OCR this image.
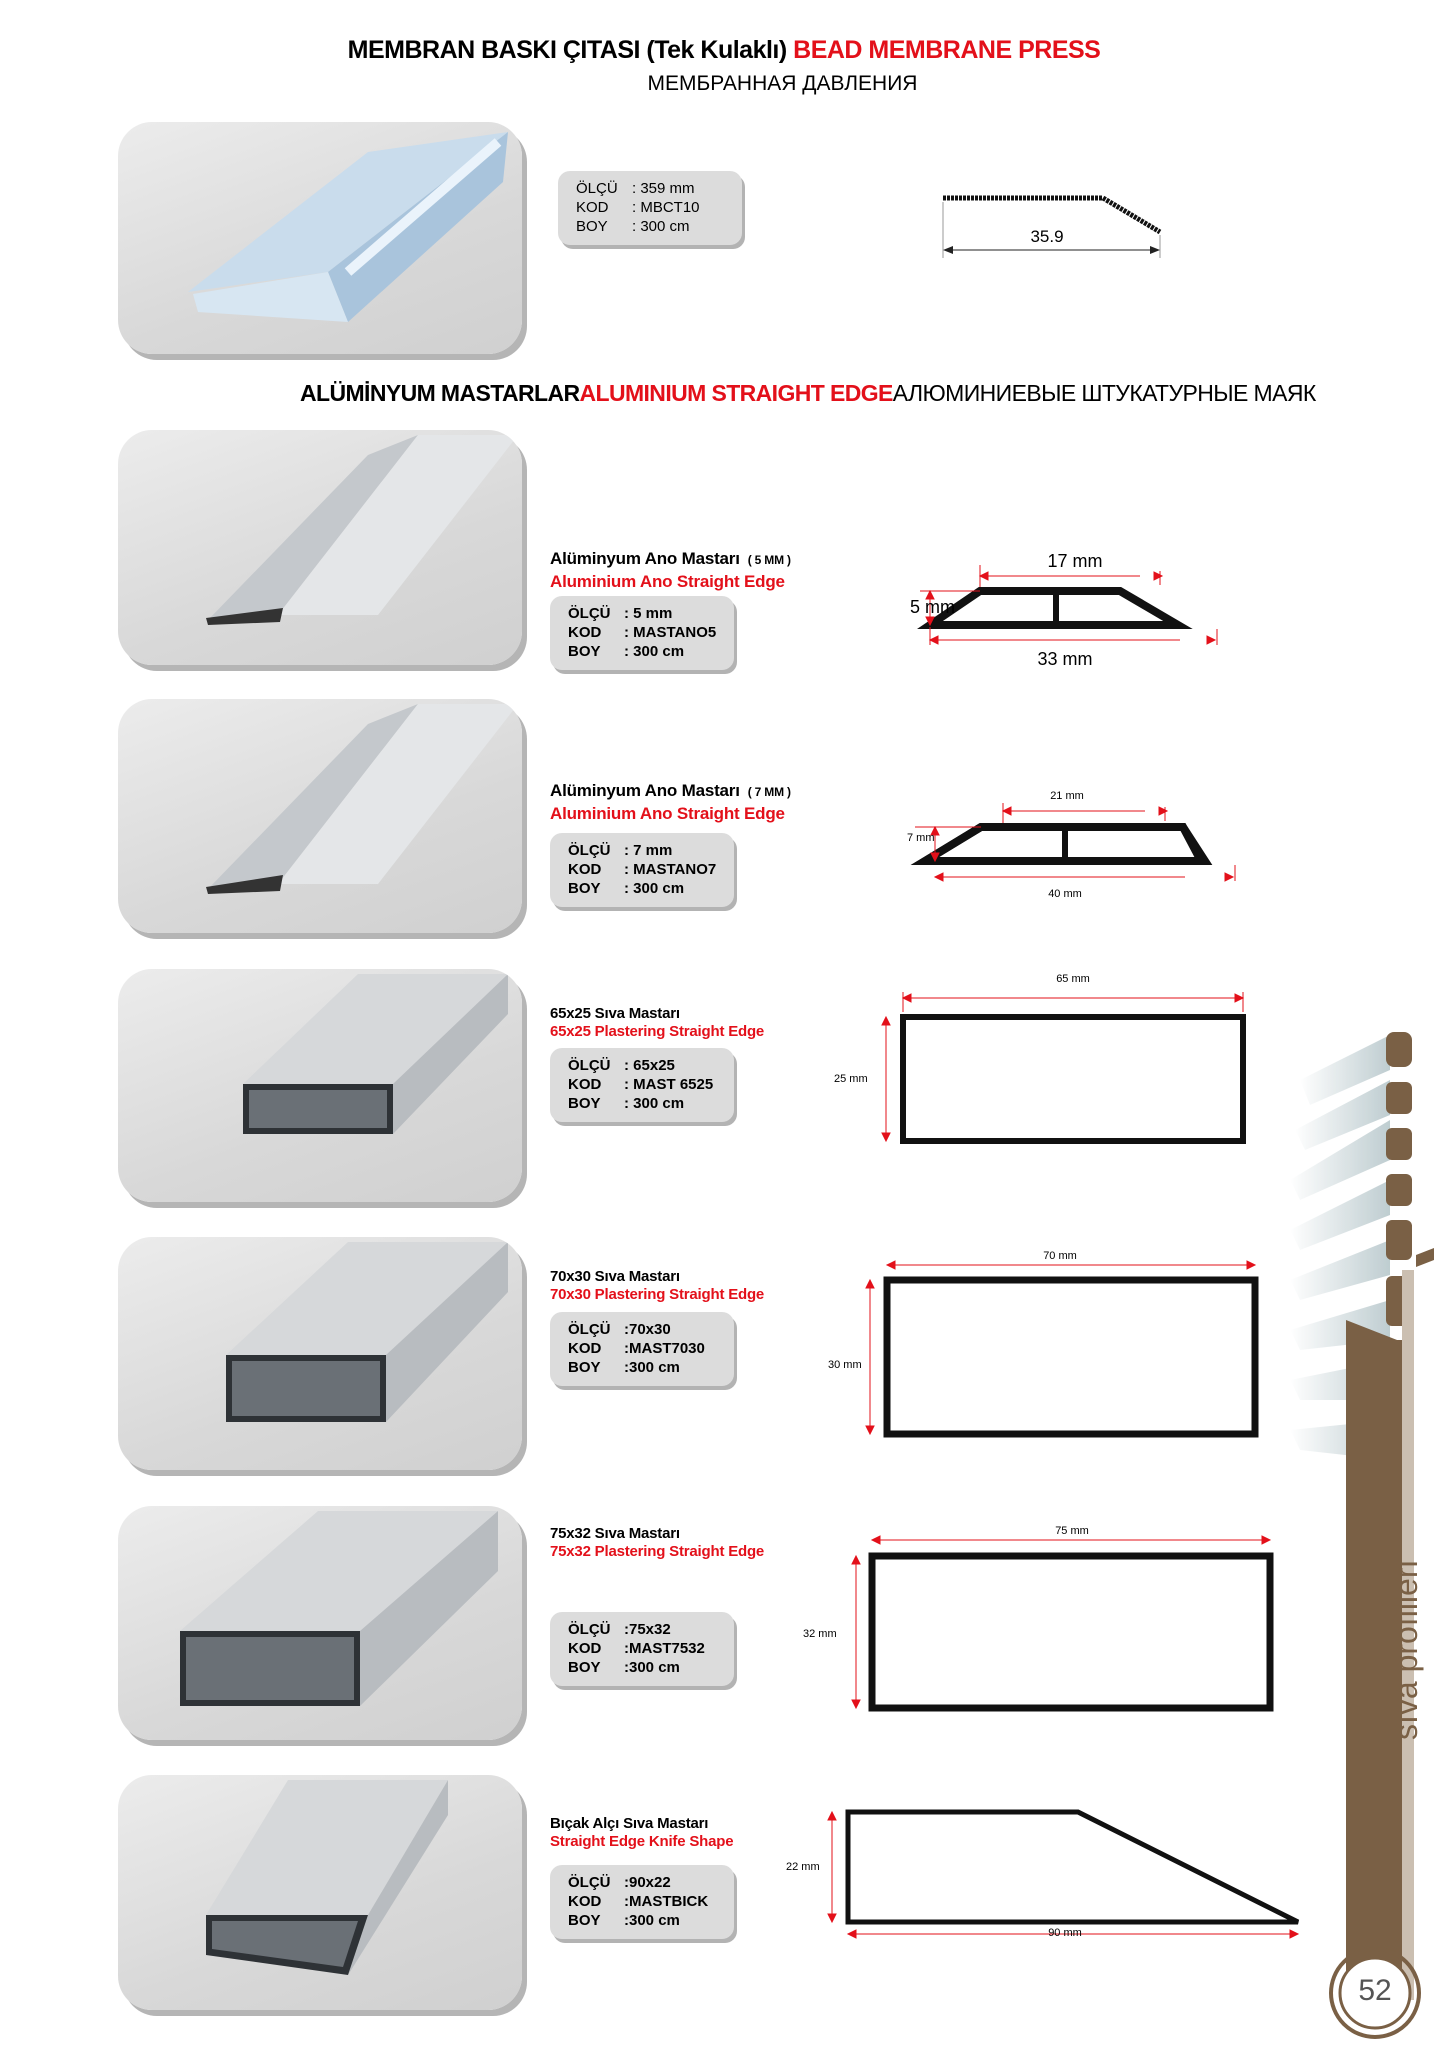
MEMBRAN BASKI ÇITASI (Tek Kulaklı) BEAD MEMBRANE PRESS
МЕМБРАННАЯ ДАВЛЕНИЯ
ÖLÇÜ : 359 mm
KOD	: MBCT10
BOY	: 300 cm
35.9
ALÜMİNYUM MASTARLARALUMINIUM STRAIGHT EDGEАЛЮМИНИЕВЫЕ ШТУКАТУРНЫЕ МАЯК
Alüminyum Ano Mastarı ( 5 MM )
Aluminium Ano Straight Edge
ÖLÇÜ : 5 mm
KOD	: MASTANO5
BOY	: 300 cm
Alüminyum Ano Mastarı ( 7 MM )
Aluminium Ano Straight Edge
ÖLÇÜ : 7 mm
KOD	: MASTANO7
BOY	: 300 cm
65x25 Sıva Mastarı
65x25 Plastering Straight Edge
ÖLÇÜ : 65x25
KOD	: MAST 6525
BOY	: 300 cm
70x30 Sıva Mastarı
70x30 Plastering Straight Edge
ÖLÇÜ :70x30
KOD	:MAST7030
BOY	:300 cm
75x32 Sıva Mastarı
75x32 Plastering Straight Edge
ÖLÇÜ :75x32
KOD	:MAST7532
BOY	:300 cm
Bıçak Alçı Sıva Mastarı
Straight Edge Knife Shape
ÖLÇÜ :90x22
KOD	:MASTBICK
BOY	:300 cm
17 mm
5 mm
33 mm
21 mm
7 mm
40 mm
65 mm
25 mm
70 mm
30 mm
75 mm
32 mm
22 mm
90 mm
sıva profilleri
52
